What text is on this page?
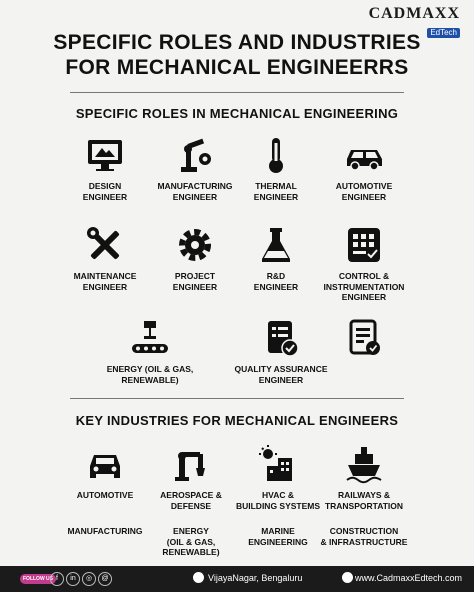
CADMAXX
EdTech
SPECIFIC ROLES AND INDUSTRIES
FOR MECHANICAL ENGINEERRS
SPECIFIC ROLES IN MECHANICAL ENGINEERING
DESIGN
ENGINEER
MANUFACTURING
ENGINEER
THERMAL
ENGINEER
AUTOMOTIVE
ENGINEER
MAINTENANCE
ENGINEER
PROJECT
ENGINEER
R&D
ENGINEER
CONTROL &
INSTRUMENTATION
ENGINEER
ENERGY (OIL & GAS,
RENEWABLE)
QUALITY ASSURANCE
ENGINEER
KEY INDUSTRIES FOR MECHANICAL ENGINEERS
AUTOMOTIVE	AEROSPACE &
DEFENSE
HVAC &
BUILDING SYSTEMS
RAILWAYS &
TRANSPORTATION
MANUFACTURING	ENERGY
(OIL & GAS,
RENEWABLE)
MARINE
ENGINEERING
CONSTRUCTION
& INFRASTRUCTURE
FOLLOW US f	in	◎	@	VijayaNagar, Bengaluru	www.CadmaxxEdtech.com
